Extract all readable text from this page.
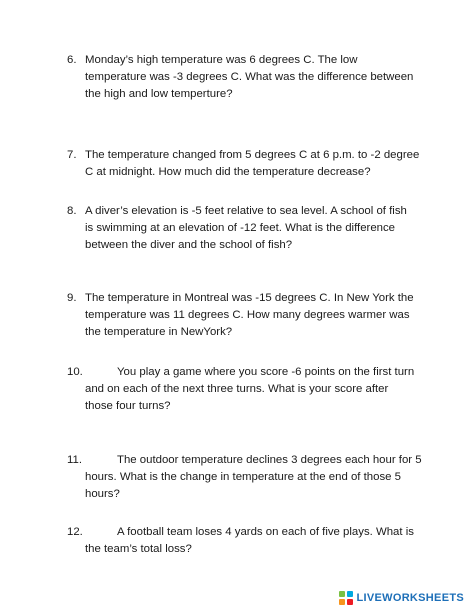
6. Monday’s high temperature was 6 degrees C. The low
temperature was -3 degrees C. What was the difference between
the high and low temperture?
7. The temperature changed from 5 degrees C at 6 p.m. to -2 degree
C at midnight. How much did the temperature decrease?
8. A diver’s elevation is -5 feet relative to sea level. A school of fish
is swimming at an elevation of -12 feet. What is the difference
between the diver and the school of fish?
9. The temperature in Montreal was -15 degrees C. In New York the
temperature was 11 degrees C. How many degrees warmer was
the temperature in NewYork?
10.	You play a game where you score -6 points on the first turn
and on each of the next three turns. What is your score after
those four turns?
11.	The outdoor temperature declines 3 degrees each hour for 5
hours. What is the change in temperature at the end of those 5
hours?
12.	A football team loses 4 yards on each of five plays. What is
the team’s total loss?
LIVEWORKSHEETS
